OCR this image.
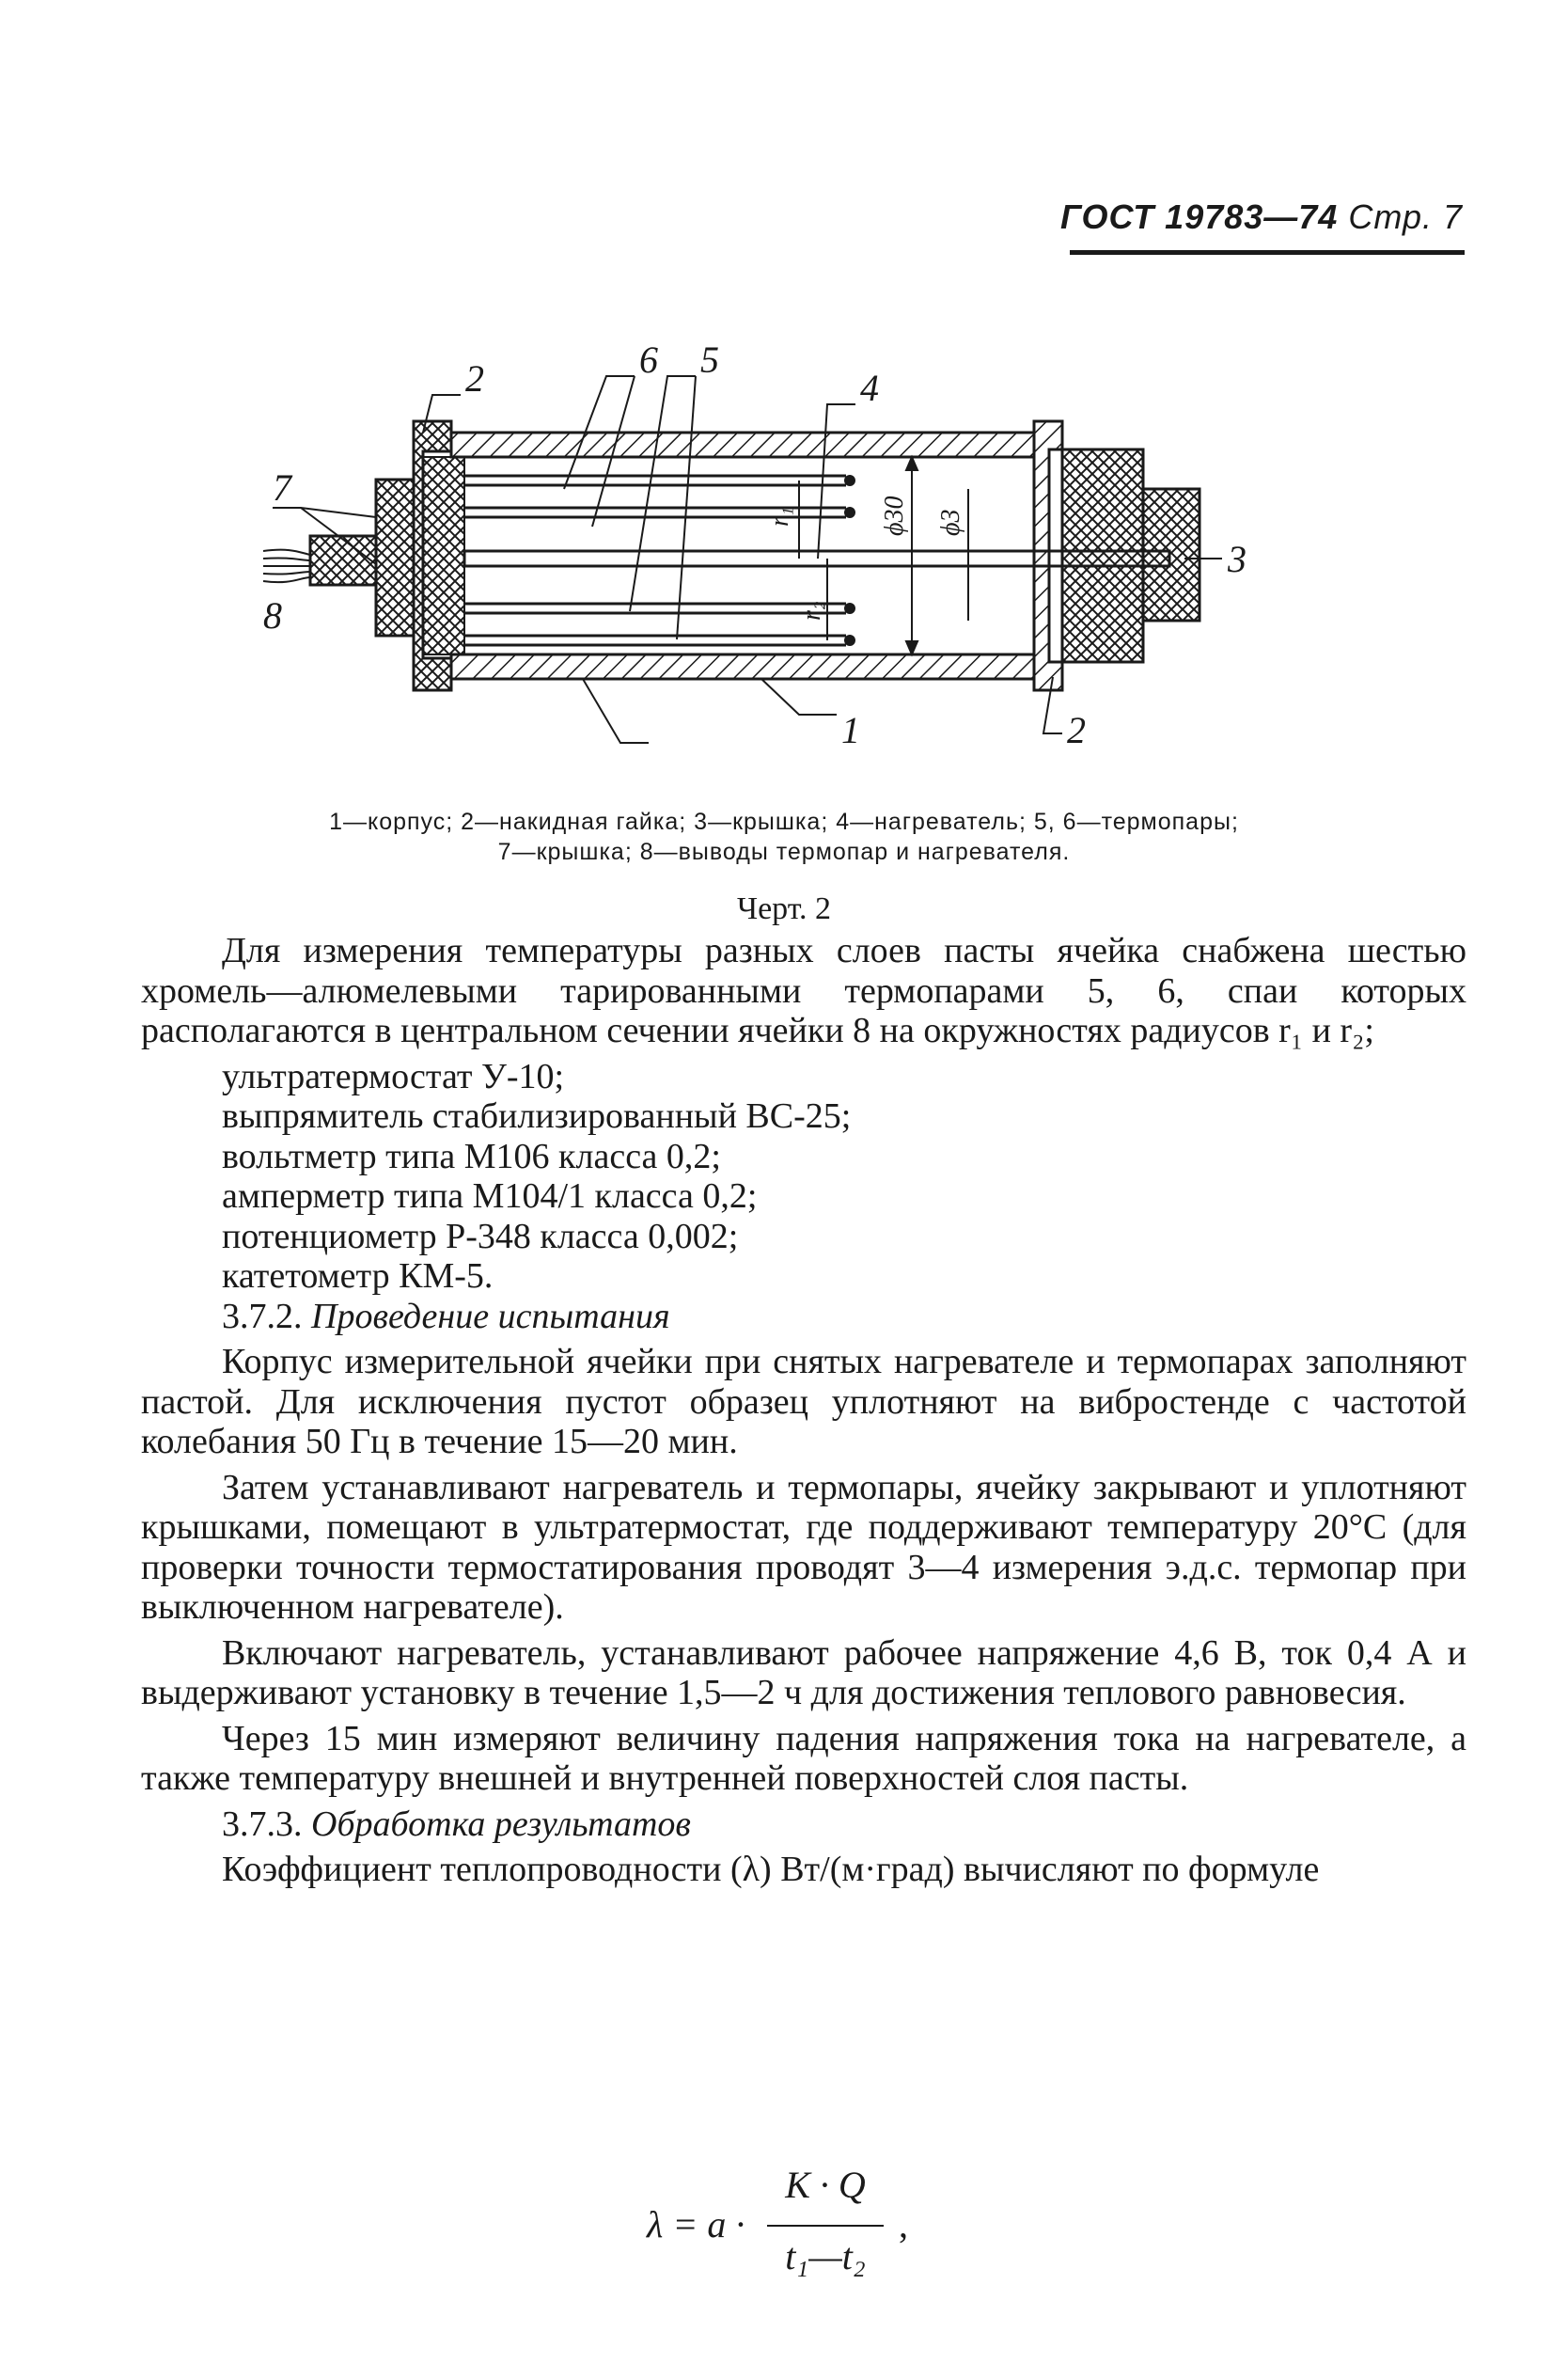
ГОСТ 19783—74 Стр. 7
2	6 5
4
7
8
3
1	2
r₁
r₂
ϕ30 ϕ3
1—корпус; 2—накидная гайка; 3—крышка; 4—нагреватель; 5, 6—термопары;
7—крышка; 8—выводы термопар и нагревателя.
Черт. 2

Для измерения температуры разных слоев пасты ячейка снабжена шестью хромель—алюмелевыми тарированными термопарами 5, 6, спаи которых располагаются в центральном сечении ячейки 8 на окружностях радиусов r₁ и r₂;

ультратермостат У-10;
выпрямитель стабилизированный ВС-25;
вольтметр типа М106 класса 0,2;
амперметр типа М104/1 класса 0,2;
потенциометр Р-348 класса 0,002;
катетометр КМ-5.
3.7.2. Проведение испытания

Корпус измерительной ячейки при снятых нагревателе и термопарах заполняют пастой. Для исключения пустот образец уплотняют на вибростенде с частотой колебания 50 Гц в течение 15—20 мин.

Затем устанавливают нагреватель и термопары, ячейку закрывают и уплотняют крышками, помещают в ультратермостат, где поддерживают температуру 20°С (для проверки точности термостатирования проводят 3—4 измерения э.д.с. термопар при выключенном нагревателе).

Включают нагреватель, устанавливают рабочее напряжение 4,6 В, ток 0,4 А и выдерживают установку в течение 1,5—2 ч для достижения теплового равновесия.

Через 15 мин измеряют величину падения напряжения тока на нагревателе, а также температуру внешней и внутренней поверхностей слоя пасты.

3.7.3. Обработка результатов

Коэффициент теплопроводности (λ) Вт/(м·град) вычисляют по формуле

λ = a ·
K · Q
t₁—t₂
,
